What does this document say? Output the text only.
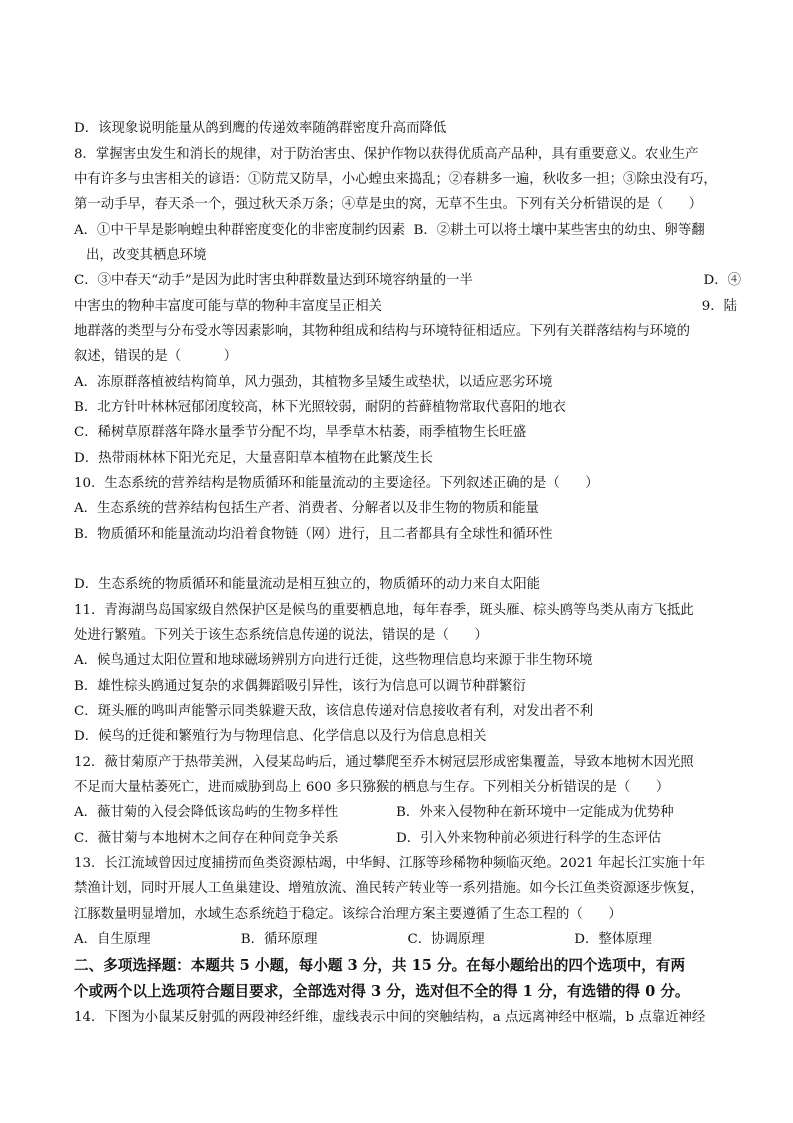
D．该现象说明能量从鸽到鹰的传递效率随鸽群密度升高而降低
8．掌握害虫发生和消长的规律，对于防治害虫、保护作物以获得优质高产品种，具有重要意义。农业生产
中有许多与虫害相关的谚语：①防荒又防旱，小心蝗虫来捣乱；②春耕多一遍，秋收多一担；③除虫没有巧，
第一动手早，春天杀一个，强过秋天杀万条；④草是虫的窝，无草不生虫。下列有关分析错误的是（      ）
A．①中干旱是影响蝗虫种群密度变化的非密度制约因素  B．②耕土可以将土壤中某些害虫的幼虫、卵等翻
出，改变其栖息环境
C．③中春天“动手”是因为此时害虫种群数量达到环境容纳量的一半	D．④
中害虫的物种丰富度可能与草的物种丰富度呈正相关	9．陆
地群落的类型与分布受水等因素影响，其物种组成和结构与环境特征相适应。下列有关群落结构与环境的
叙述，错误的是（          ）
A．冻原群落植被结构简单，风力强劲，其植物多呈矮生或垫状，以适应恶劣环境
B．北方针叶林林冠郁闭度较高，林下光照较弱，耐阴的苔藓植物常取代喜阳的地衣
C．稀树草原群落年降水量季节分配不均，旱季草木枯萎，雨季植物生长旺盛
D．热带雨林林下阳光充足，大量喜阳草本植物在此繁茂生长
10．生态系统的营养结构是物质循环和能量流动的主要途径。下列叙述正确的是（      ）
A．生态系统的营养结构包括生产者、消费者、分解者以及非生物的物质和能量
B．物质循环和能量流动均沿着食物链（网）进行，且二者都具有全球性和循环性

D．生态系统的物质循环和能量流动是相互独立的，物质循环的动力来自太阳能
11．青海湖鸟岛国家级自然保护区是候鸟的重要栖息地，每年春季，斑头雁、棕头鸥等鸟类从南方飞抵此
处进行繁殖。下列关于该生态系统信息传递的说法，错误的是（      ）
A．候鸟通过太阳位置和地球磁场辨别方向进行迁徙，这些物理信息均来源于非生物环境
B．雄性棕头鸥通过复杂的求偶舞蹈吸引异性，该行为信息可以调节种群繁衍
C．斑头雁的鸣叫声能警示同类躲避天敌，该信息传递对信息接收者有利，对发出者不利
D．候鸟的迁徙和繁殖行为与物理信息、化学信息以及行为信息息相关
12．薇甘菊原产于热带美洲，入侵某岛屿后，通过攀爬至乔木树冠层形成密集覆盖，导致本地树木因光照
不足而大量枯萎死亡，进而威胁到岛上 600 多只猕猴的栖息与生存。下列相关分析错误的是（      ）
A．薇甘菊的入侵会降低该岛屿的生物多样性	B．外来入侵物种在新环境中一定能成为优势种
C．薇甘菊与本地树木之间存在种间竞争关系	D．引入外来物种前必须进行科学的生态评估
13．长江流域曾因过度捕捞而鱼类资源枯竭，中华鲟、江豚等珍稀物种频临灭绝。2021 年起长江实施十年
禁渔计划，同时开展人工鱼巢建设、增殖放流、渔民转产转业等一系列措施。如今长江鱼类资源逐步恢复，
江豚数量明显增加，水域生态系统趋于稳定。该综合治理方案主要遵循了生态工程的（      ）
A．自生原理	B．循环原理	C．协调原理	D．整体原理
二、多项选择题：本题共 5 小题，每小题 3 分，共 15 分。在每小题给出的四个选项中，有两
个或两个以上选项符合题目要求，全部选对得 3 分，选对但不全的得 1 分，有选错的得 0 分。
14．下图为小鼠某反射弧的两段神经纤维，虚线表示中间的突触结构，a 点远离神经中枢端，b 点靠近神经
